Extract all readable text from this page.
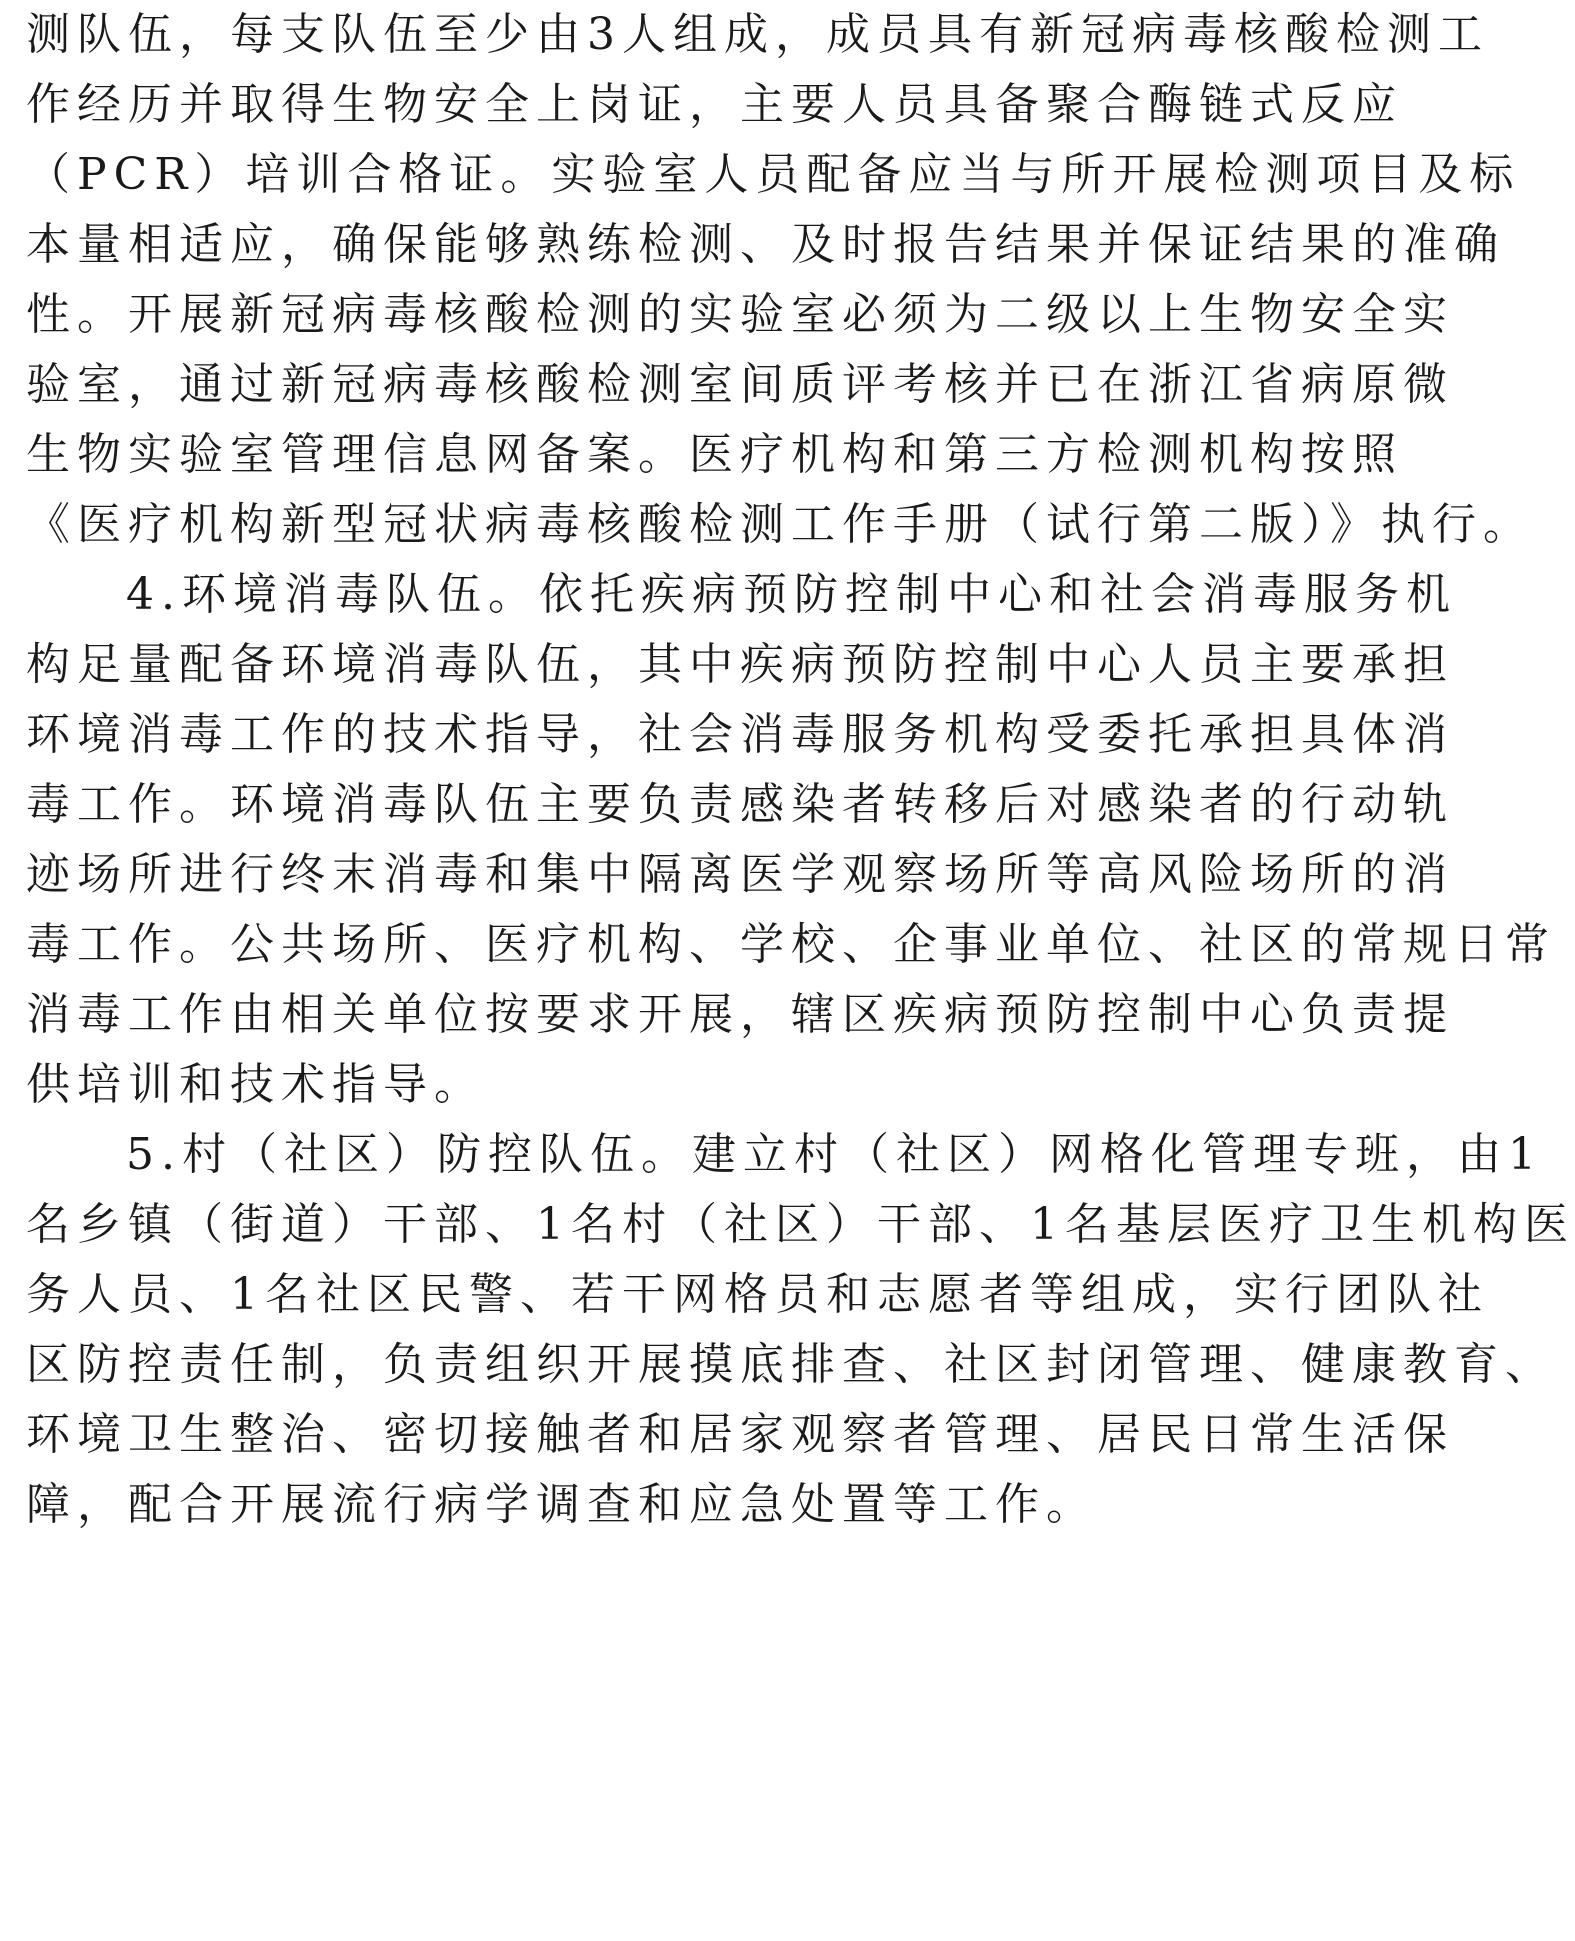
测队伍，每支队伍至少由3人组成，成员具有新冠病毒核酸检测工
作经历并取得生物安全上岗证，主要人员具备聚合酶链式反应
（PCR）培训合格证。实验室人员配备应当与所开展检测项目及标
本量相适应，确保能够熟练检测、及时报告结果并保证结果的准确
性。开展新冠病毒核酸检测的实验室必须为二级以上生物安全实
验室，通过新冠病毒核酸检测室间质评考核并已在浙江省病原微
生物实验室管理信息网备案。医疗机构和第三方检测机构按照
《医疗机构新型冠状病毒核酸检测工作手册（试行第二版）》执行。
4.环境消毒队伍。依托疾病预防控制中心和社会消毒服务机
构足量配备环境消毒队伍，其中疾病预防控制中心人员主要承担
环境消毒工作的技术指导，社会消毒服务机构受委托承担具体消
毒工作。环境消毒队伍主要负责感染者转移后对感染者的行动轨
迹场所进行终末消毒和集中隔离医学观察场所等高风险场所的消
毒工作。公共场所、医疗机构、学校、企事业单位、社区的常规日常
消毒工作由相关单位按要求开展，辖区疾病预防控制中心负责提
供培训和技术指导。
5.村（社区）防控队伍。建立村（社区）网格化管理专班，由1
名乡镇（街道）干部、1名村（社区）干部、1名基层医疗卫生机构医
务人员、1名社区民警、若干网格员和志愿者等组成，实行团队社
区防控责任制，负责组织开展摸底排查、社区封闭管理、健康教育、
环境卫生整治、密切接触者和居家观察者管理、居民日常生活保
障，配合开展流行病学调查和应急处置等工作。
